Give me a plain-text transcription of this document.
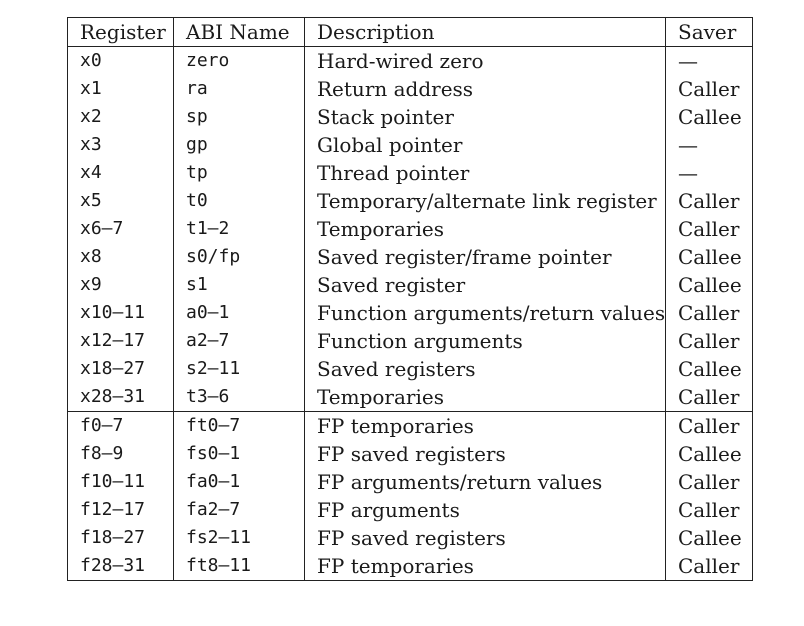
Register	ABI Name	Description	Saver
x0	zero	Hard-wired zero	—
x1	ra	Return address	Caller
x2	sp	Stack pointer	Callee
x3	gp	Global pointer	—
x4	tp	Thread pointer	—
x5	t0	Temporary/alternate link register	Caller
x6–7	t1–2	Temporaries	Caller
x8	s0/fp	Saved register/frame pointer	Callee
x9	s1	Saved register	Callee
x10–11	a0–1	Function arguments/return values	Caller
x12–17	a2–7	Function arguments	Caller
x18–27	s2–11	Saved registers	Callee
x28–31	t3–6	Temporaries	Caller
f0–7	ft0–7	FP temporaries	Caller
f8–9	fs0–1	FP saved registers	Callee
f10–11	fa0–1	FP arguments/return values	Caller
f12–17	fa2–7	FP arguments	Caller
f18–27	fs2–11	FP saved registers	Callee
f28–31	ft8–11	FP temporaries	Caller
